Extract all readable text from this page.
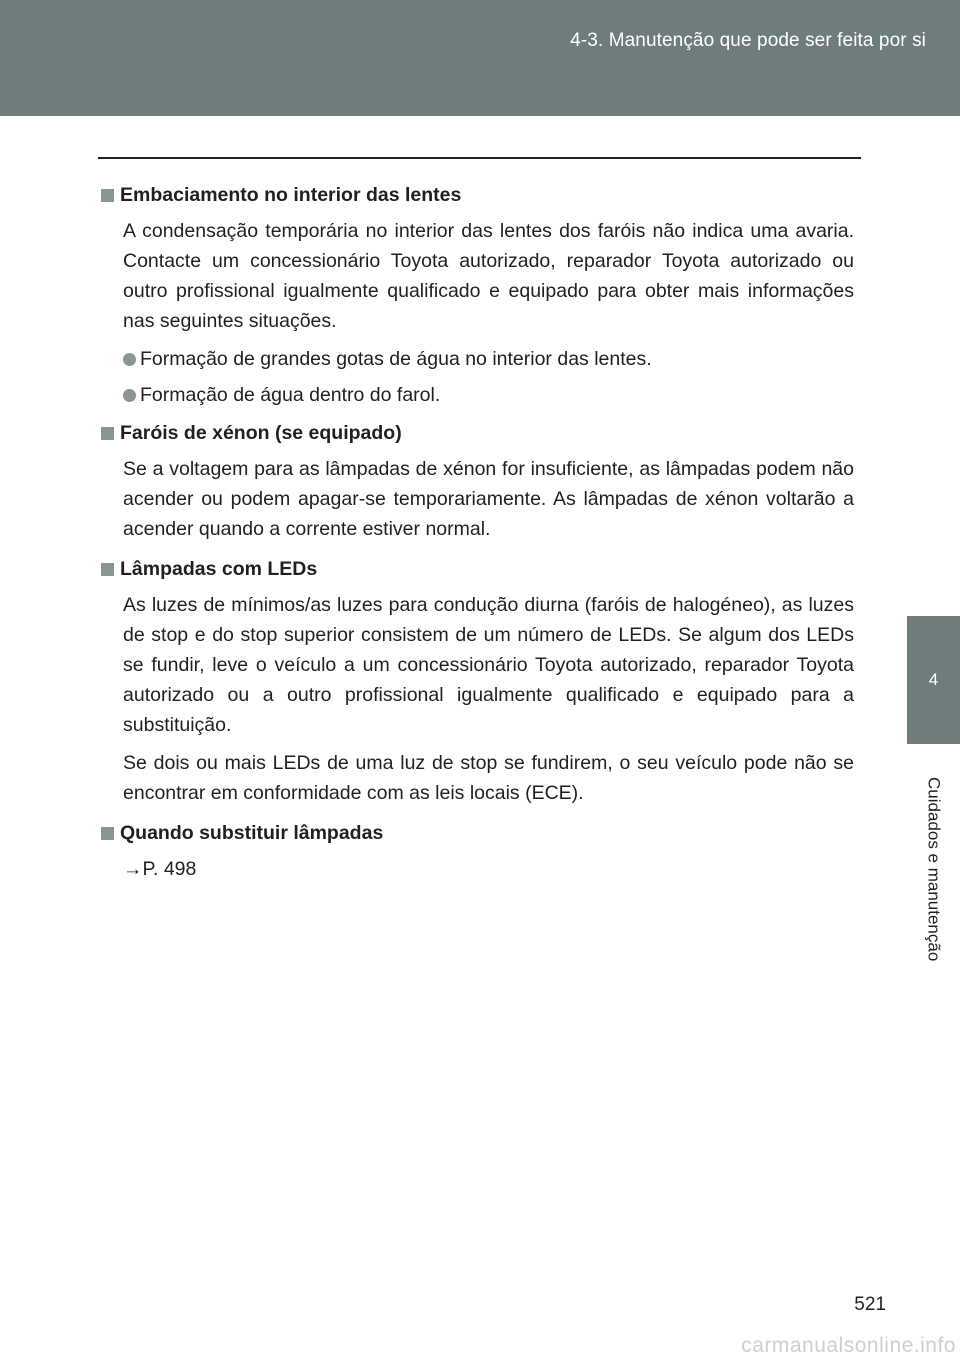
4-3. Manutenção que pode ser feita por si
4
Cuidados e manutenção
Embaciamento no interior das lentes

A condensação temporária no interior das lentes dos faróis não indica uma avaria. Contacte um concessionário Toyota autorizado, reparador Toyota autorizado ou outro profissional igualmente qualificado e equipado para obter mais informações nas seguintes situações.

Formação de grandes gotas de água no interior das lentes.
Formação de água dentro do farol.
Faróis de xénon (se equipado)

Se a voltagem para as lâmpadas de xénon for insuficiente, as lâmpadas podem não acender ou podem apagar-se temporariamente. As lâmpadas de xénon voltarão a acender quando a corrente estiver normal.

Lâmpadas com LEDs

As luzes de mínimos/as luzes para condução diurna (faróis de halogéneo), as luzes de stop e do stop superior consistem de um número de LEDs. Se algum dos LEDs se fundir, leve o veículo a um concessionário Toyota autorizado, reparador Toyota autorizado ou a outro profissional igualmente qualificado e equipado para a substituição.

Se dois ou mais LEDs de uma luz de stop se fundirem, o seu veículo pode não se encontrar em conformidade com as leis locais (ECE).

Quando substituir lâmpadas

→P. 498

521
carmanualsonline.info
